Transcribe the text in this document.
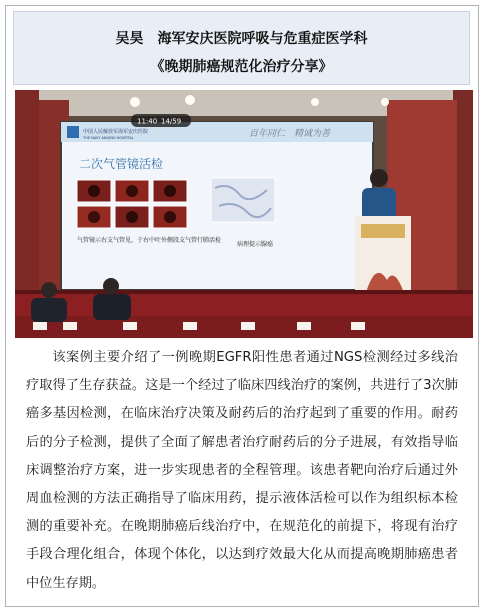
吴昊　海军安庆医院呼吸与危重症医学科
《晚期肺癌规范化治疗分享》
中国人民解放军海军安庆医院
THE NAVY ANQING HOSPITAL	百年同仁　精诚为善
二次气管镜活检
气管镜示右支气管见，于右中叶外侧段支气管行肺活检
病理提示腺癌
11:40 14/59
该案例主要介绍了一例晚期EGFR阳性患者通过NGS检测经过多线治疗取得了生存获益。这是一个经过了临床四线治疗的案例，共进行了3次肺癌多基因检测，在临床治疗决策及耐药后的治疗起到了重要的作用。耐药后的分子检测，提供了全面了解患者治疗耐药后的分子进展，有效指导临床调整治疗方案，进一步实现患者的全程管理。该患者靶向治疗后通过外周血检测的方法正确指导了临床用药，提示液体活检可以作为组织标本检测的重要补充。在晚期肺癌后线治疗中，在规范化的前提下，将现有治疗手段合理化组合，体现个体化，以达到疗效最大化从而提高晚期肺癌患者中位生存期。
